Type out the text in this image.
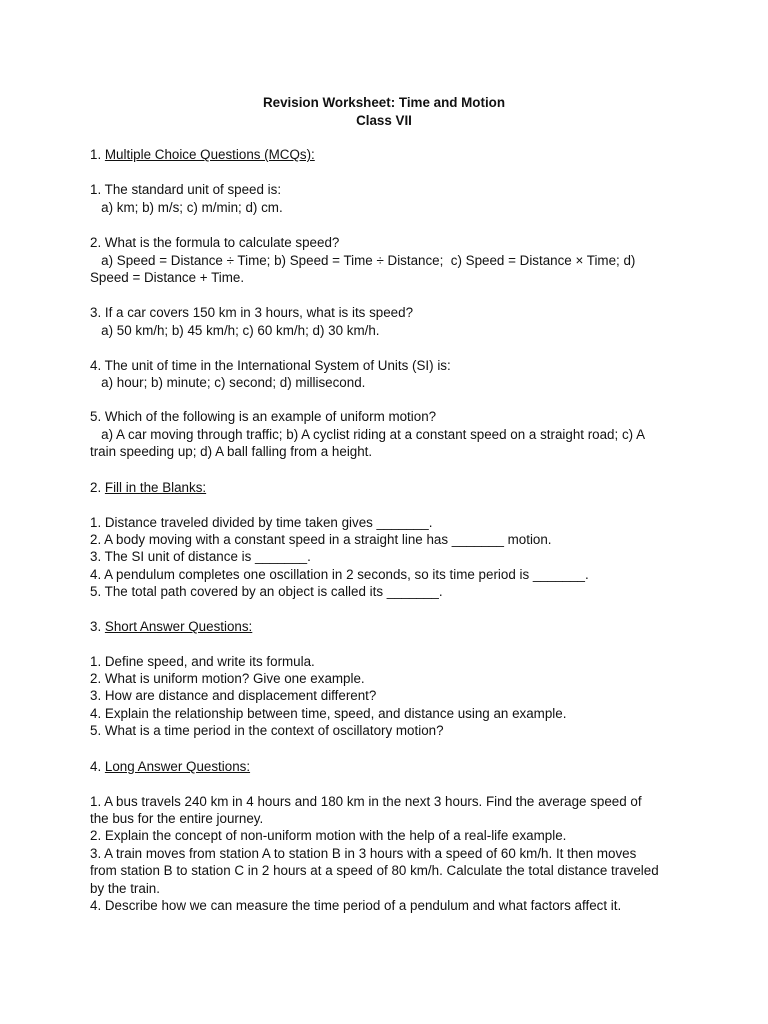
Revision Worksheet: Time and Motion
Class VII
1. Multiple Choice Questions (MCQs):
1. The standard unit of speed is:
a) km; b) m/s; c) m/min; d) cm.
2. What is the formula to calculate speed?
a) Speed = Distance ÷ Time; b) Speed = Time ÷ Distance;  c) Speed = Distance × Time; d)
Speed = Distance + Time.
3. If a car covers 150 km in 3 hours, what is its speed?
a) 50 km/h; b) 45 km/h; c) 60 km/h; d) 30 km/h.
4. The unit of time in the International System of Units (SI) is:
a) hour; b) minute; c) second; d) millisecond.
5. Which of the following is an example of uniform motion?
a) A car moving through traffic; b) A cyclist riding at a constant speed on a straight road; c) A
train speeding up; d) A ball falling from a height.
2. Fill in the Blanks:
1. Distance traveled divided by time taken gives _______.
2. A body moving with a constant speed in a straight line has _______ motion.
3. The SI unit of distance is _______.
4. A pendulum completes one oscillation in 2 seconds, so its time period is _______.
5. The total path covered by an object is called its _______.
3. Short Answer Questions:
1. Define speed, and write its formula.
2. What is uniform motion? Give one example.
3. How are distance and displacement different?
4. Explain the relationship between time, speed, and distance using an example.
5. What is a time period in the context of oscillatory motion?
4. Long Answer Questions:
1. A bus travels 240 km in 4 hours and 180 km in the next 3 hours. Find the average speed of
the bus for the entire journey.
2. Explain the concept of non-uniform motion with the help of a real-life example.
3. A train moves from station A to station B in 3 hours with a speed of 60 km/h. It then moves
from station B to station C in 2 hours at a speed of 80 km/h. Calculate the total distance traveled
by the train.
4. Describe how we can measure the time period of a pendulum and what factors affect it.
